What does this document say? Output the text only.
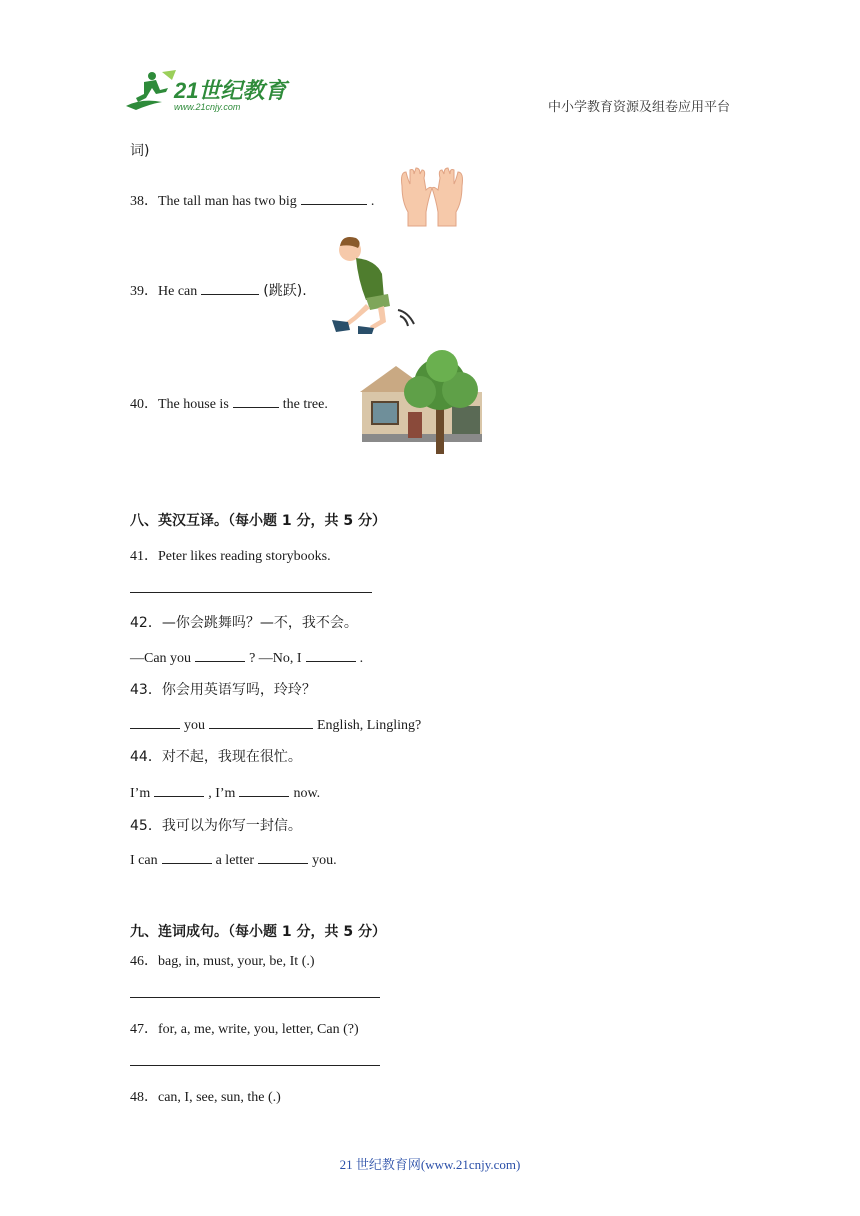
21世纪教育
www.21cnjy.com	中小学教育资源及组卷应用平台
词)
38．The tall man has two big	.
39．He can	(跳跃).
40．The house is	the tree.
八、英汉互译。（每小题 1 分，共 5 分）
41．Peter likes reading storybooks.
42．—你会跳舞吗？—不，我不会。
—Can you	? —No, I	.
43．你会用英语写吗，玲玲？
you	English, Lingling?
44．对不起，我现在很忙。
I’m	, I’m	now.
45．我可以为你写一封信。
I can	a letter	you.
九、连词成句。（每小题 1 分，共 5 分）
46．bag, in, must, your, be, It (.)
47．for, a, me, write, you, letter, Can (?)
48．can, I, see, sun, the (.)
21 世纪教育网(www.21cnjy.com)
